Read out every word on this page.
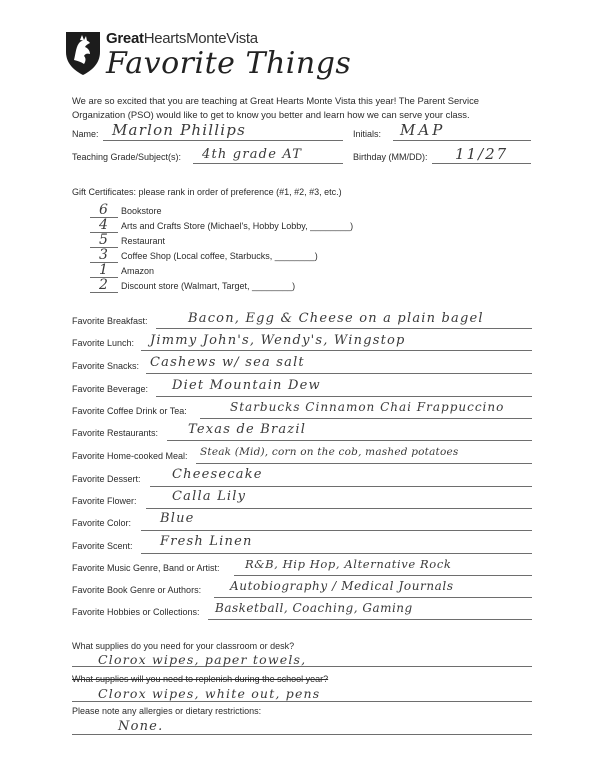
GreatHeartsMonteVista
Favorite Things
We are so excited that you are teaching at Great Hearts Monte Vista this year! The Parent Service Organization (PSO) would like to get to know you better and learn how we can serve your class.
Name: Marlon Phillips	Initials: MAP
Teaching Grade/Subject(s): 4th grade AT	Birthday (MM/DD): 11/27
Gift Certificates: please rank in order of preference (#1, #2, #3, etc.)
6	Bookstore
4	Arts and Crafts Store (Michael's, Hobby Lobby, ________)
5	Restaurant
3	Coffee Shop (Local coffee, Starbucks, ________)
1	Amazon
2	Discount store (Walmart, Target, ________)
Favorite Breakfast:	Bacon, Egg & Cheese on a plain bagel
Favorite Lunch: Jimmy John's, Wendy's, Wingstop
Favorite Snacks: Cashews w/ sea salt
Favorite Beverage: Diet Mountain Dew
Favorite Coffee Drink or Tea:	Starbucks Cinnamon Chai Frappuccino
Favorite Restaurants: Texas de Brazil
Favorite Home-cooked Meal: Steak (Mid), corn on the cob, mashed potatoes
Favorite Dessert: Cheesecake
Favorite Flower:	Calla Lily
Favorite Color: Blue
Favorite Scent: Fresh Linen
Favorite Music Genre, Band or Artist: R&B, Hip Hop, Alternative Rock
Favorite Book Genre or Authors: Autobiography / Medical Journals
Favorite Hobbies or Collections: Basketball, Coaching, Gaming
What supplies do you need for your classroom or desk?
Clorox wipes, paper towels,
What supplies will you need to replenish during the school year?
Clorox wipes, white out, pens
Please note any allergies or dietary restrictions:
None.
